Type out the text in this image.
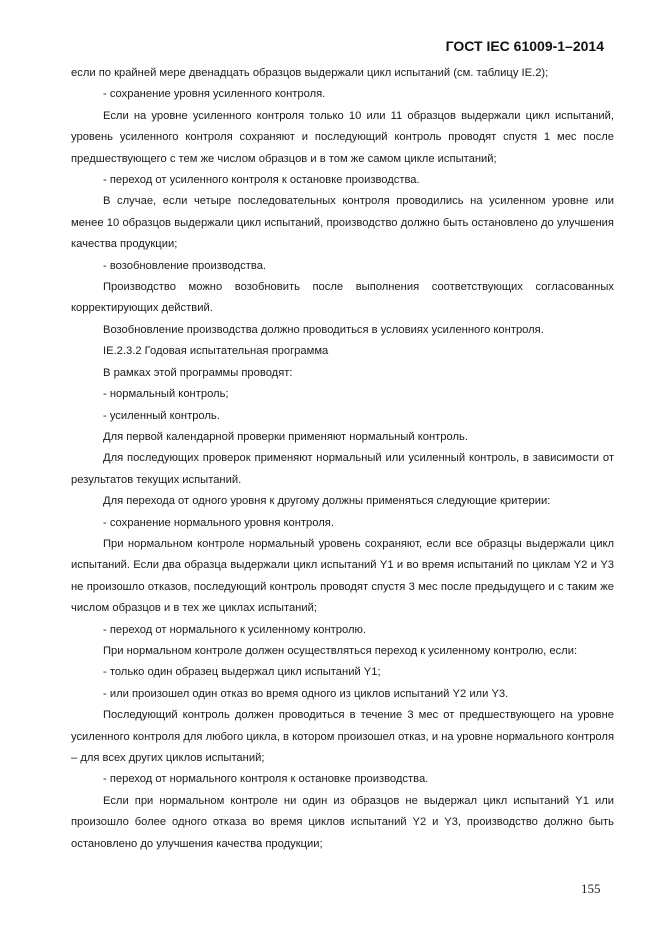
ГОСТ IEC 61009-1–2014

если по крайней мере двенадцать образцов выдержали цикл испытаний (см. таблицу IE.2);

- сохранение уровня усиленного контроля.

Если на уровне усиленного контроля только 10 или 11 образцов выдержали цикл испытаний, уровень усиленного контроля сохраняют и последующий контроль проводят спустя 1 мес после предшествующего с тем же числом образцов и в том же самом цикле испытаний;

- переход от усиленного контроля к остановке производства.

В случае, если четыре последовательных контроля проводились на усиленном уровне или менее 10 образцов выдержали цикл испытаний, производство должно быть остановлено до улучшения качества продукции;

- возобновление производства.

Производство можно возобновить после выполнения соответствующих согласованных корректирующих действий.

Возобновление производства должно проводиться в условиях усиленного контроля.

IE.2.3.2 Годовая испытательная программа

В рамках этой программы проводят:

- нормальный контроль;

- усиленный контроль.

Для первой календарной проверки применяют нормальный контроль.

Для последующих проверок применяют нормальный или усиленный контроль, в зависимости от результатов текущих испытаний.

Для перехода от одного уровня к другому должны применяться следующие критерии:

- сохранение нормального уровня контроля.

При нормальном контроле нормальный уровень сохраняют, если все образцы выдержали цикл испытаний. Если два образца выдержали цикл испытаний Y1 и во время испытаний по циклам Y2 и Y3 не произошло отказов, последующий контроль проводят спустя 3 мес после предыдущего и с таким же числом образцов и в тех же циклах испытаний;

- переход от нормального к усиленному контролю.

При нормальном контроле должен осуществляться переход к усиленному контролю, если:

- только один образец выдержал цикл испытаний Y1;

- или произошел один отказ во время одного из циклов испытаний Y2 или Y3.

Последующий контроль должен проводиться в течение 3 мес от предшествующего на уровне усиленного контроля для любого цикла, в котором произошел отказ, и на уровне нормального контроля – для всех других циклов испытаний;

- переход от нормального контроля к остановке производства.

Если при нормальном контроле ни один из образцов не выдержал цикл испытаний Y1 или произошло более одного отказа во время циклов испытаний Y2 и Y3, производство должно быть остановлено до улучшения качества продукции;

155
